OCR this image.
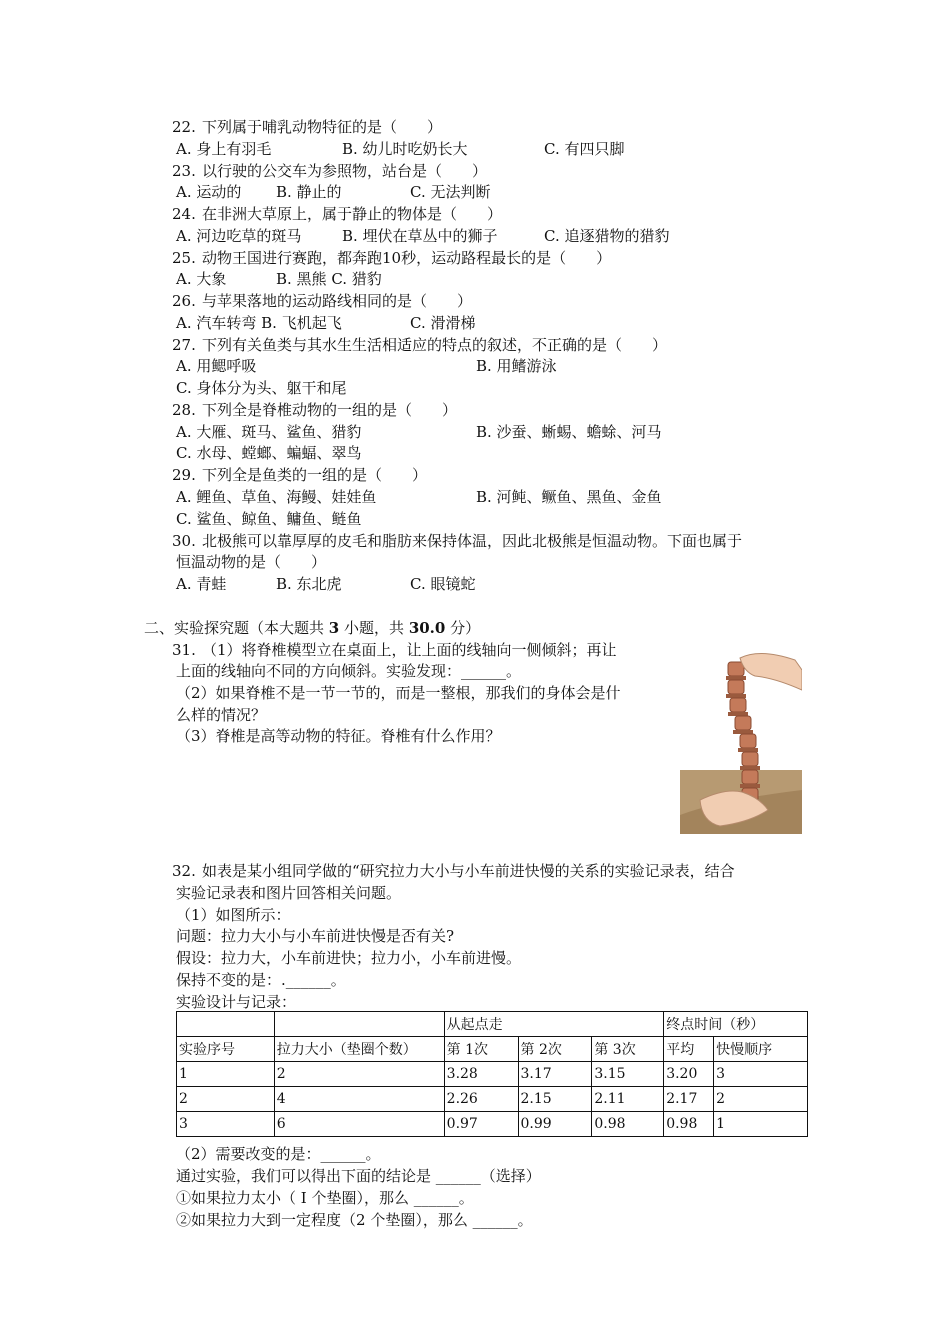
22. 下列属于哺乳动物特征的是（　　）
A. 身上有羽毛	B. 幼儿时吃奶长大	C. 有四只脚
23. 以行驶的公交车为参照物，站台是（　　）
A. 运动的 B. 静止的	C. 无法判断
24. 在非洲大草原上，属于静止的物体是（　　）
A. 河边吃草的斑马	B. 埋伏在草丛中的狮子	C. 追逐猎物的猎豹
25. 动物王国进行赛跑，都奔跑10秒，运动路程最长的是（　　）
A. 大象	B. 黑熊 C. 猎豹
26. 与苹果落地的运动路线相同的是（　　）
A. 汽车转弯 B. 飞机起飞	C. 滑滑梯
27. 下列有关鱼类与其水生生活相适应的特点的叙述，不正确的是（　　）
A. 用鳃呼吸	B. 用鳍游泳
C. 身体分为头、躯干和尾
28. 下列全是脊椎动物的一组的是（　　）
A. 大雁、斑马、鲨鱼、猎豹	B. 沙蚕、蜥蜴、蟾蜍、河马
C. 水母、螳螂、蝙蝠、翠鸟
29. 下列全是鱼类的一组的是（　　）
A. 鲤鱼、草鱼、海鳗、娃娃鱼	B. 河鲀、鳜鱼、黑鱼、金鱼
C. 鲨鱼、鲸鱼、鳙鱼、鲢鱼
30. 北极熊可以靠厚厚的皮毛和脂肪来保持体温，因此北极熊是恒温动物。下面也属于
恒温动物的是（　　）
A. 青蛙	B. 东北虎	C. 眼镜蛇
二、实验探究题（本大题共 3 小题，共 30.0 分）
31. （1）将脊椎模型立在桌面上，让上面的线轴向一侧倾斜；再让
上面的线轴向不同的方向倾斜。实验发现：______。
（2）如果脊椎不是一节一节的，而是一整根，那我们的身体会是什
么样的情况？
（3）脊椎是高等动物的特征。脊椎有什么作用？
32. 如表是某小组同学做的“研究拉力大小与小车前进快慢的关系的实验记录表，结合
实验记录表和图片回答相关问题。
（1）如图所示：
问题：拉力大小与小车前进快慢是否有关?
假设：拉力大，小车前进快；拉力小，小车前进慢。
保持不变的是：.______。
实验设计与记录：
		从起点走			终点时间（秒）	
实验序号	拉力大小（垫圈个数）	第 1次	第 2次	第 3次	平均	快慢顺序
1	2	3.28	3.17	3.15	3.20	3
2	4	2.26	2.15	2.11	2.17	2
3	6	0.97	0.99	0.98	0.98	1
（2）需要改变的是：______。
通过实验，我们可以得出下面的结论是 ______（选择）
①如果拉力太小（ I 个垫圈），那么 ______。
②如果拉力大到一定程度（2 个垫圈），那么 ______。
